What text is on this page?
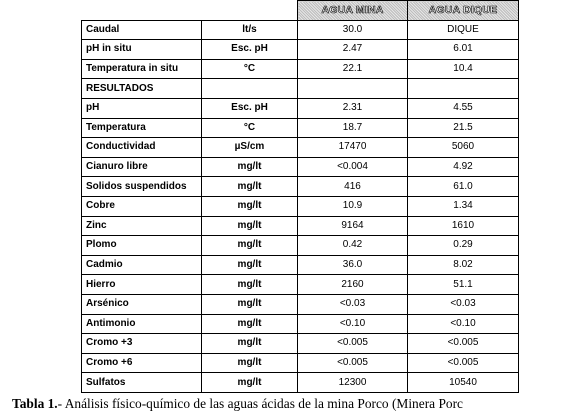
		AGUA MINA	AGUA DIQUE
Caudal	lt/s	30.0	DIQUE
pH in situ	Esc. pH	2.47	6.01
Temperatura in situ	°C	22.1	10.4
RESULTADOS			
pH	Esc. pH	2.31	4.55
Temperatura	°C	18.7	21.5
Conductividad	µS/cm	17470	5060
Cianuro libre	mg/lt	<0.004	4.92
Solidos suspendidos	mg/lt	416	61.0
Cobre	mg/lt	10.9	1.34
Zinc	mg/lt	9164	1610
Plomo	mg/lt	0.42	0.29
Cadmio	mg/lt	36.0	8.02
Hierro	mg/lt	2160	51.1
Arsénico	mg/lt	<0.03	<0.03
Antimonio	mg/lt	<0.10	<0.10
Cromo +3	mg/lt	<0.005	<0.005
Cromo +6	mg/lt	<0.005	<0.005
Sulfatos	mg/lt	12300	10540
Tabla 1.- Análisis físico-químico de las aguas ácidas de la mina Porco (Minera Porc
